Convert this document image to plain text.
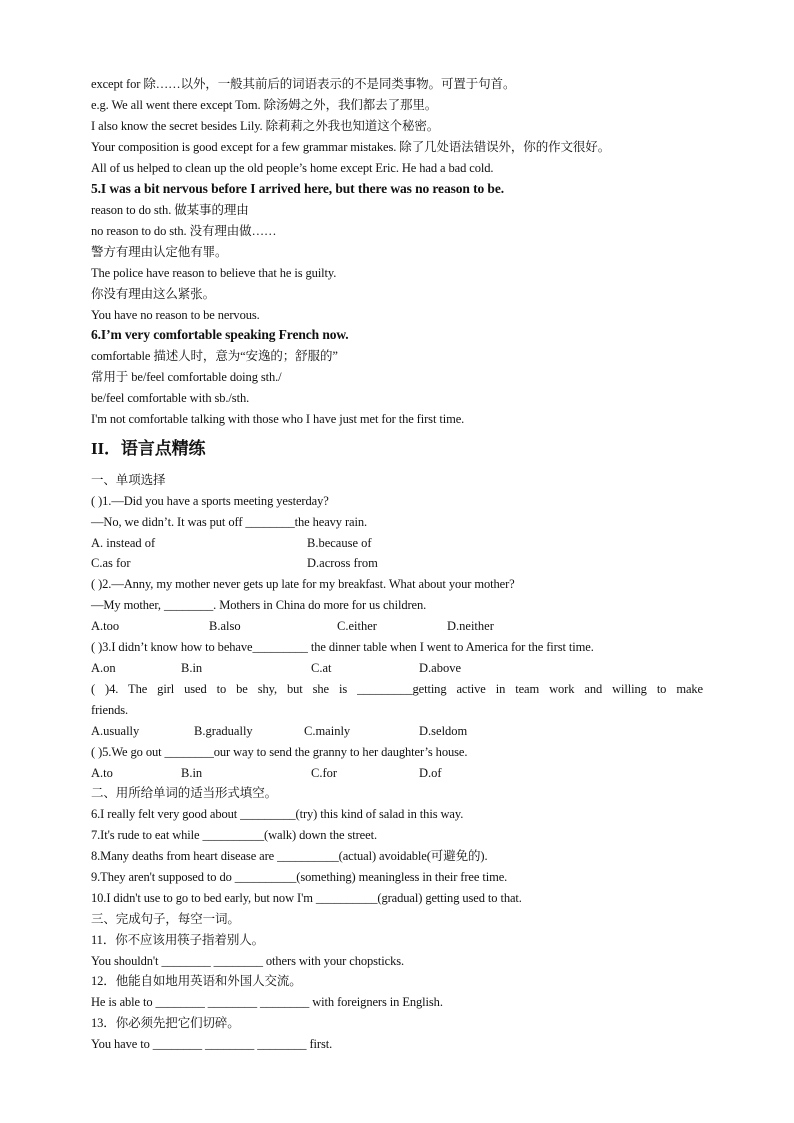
except for 除……以外，一般其前后的词语表示的不是同类事物。可置于句首。
e.g. We all went there except Tom. 除汤姆之外，我们都去了那里。
I also know the secret besides Lily. 除莉莉之外我也知道这个秘密。
Your composition is good except for a few grammar mistakes. 除了几处语法错误外，你的作文很好。
All of us helped to clean up the old people’s home except Eric. He had a bad cold.
5.I was a bit nervous before I arrived here, but there was no reason to be.
reason to do sth. 做某事的理由
no reason to do sth. 没有理由做……
警方有理由认定他有罪。
The police have reason to believe that he is guilty.
你没有理由这么紧张。
You have no reason to be nervous.
6.I’m very comfortable speaking French now.
comfortable 描述人时，意为“安逸的；舒服的”
常用于 be/feel comfortable doing sth./
be/feel comfortable with sb./sth.
I'm not comfortable talking with those who I have just met for the first time.
II．语言点精练
一、单项选择
( )1.—Did you have a sports meeting yesterday?
—No, we didn’t. It was put off ________the heavy rain.
A. instead of	B.because of
C.as for	D.across from
( )2.—Anny, my mother never gets up late for my breakfast. What about your mother?
—My mother, ________. Mothers in China do more for us children.
A.too	B.also	C.either	D.neither
( )3.I didn’t know how to behave_________ the dinner table when I went to America for the first time.
A.on	B.in	C.at	D.above
( )4. The girl used to be shy, but she is _________getting active in team work and willing to make
friends.
A.usually	B.gradually	C.mainly	D.seldom
( )5.We go out ________our way to send the granny to her daughter’s house.
A.to	B.in	C.for	D.of
二、用所给单词的适当形式填空。
6.I really felt very good about _________(try) this kind of salad in this way.
7.It's rude to eat while __________(walk) down the street.
8.Many deaths from heart disease are __________(actual) avoidable(可避免的).
9.They aren't supposed to do __________(something) meaningless in their free time.
10.I didn't use to go to bed early, but now I'm __________(gradual) getting used to that.
三、完成句子，每空一词。
11．你不应该用筷子指着别人。
You shouldn't ________ ________ others with your chopsticks.
12．他能自如地用英语和外国人交流。
He is able to ________ ________ ________ with foreigners in English.
13．你必须先把它们切碎。
You have to ________ ________ ________ first.
